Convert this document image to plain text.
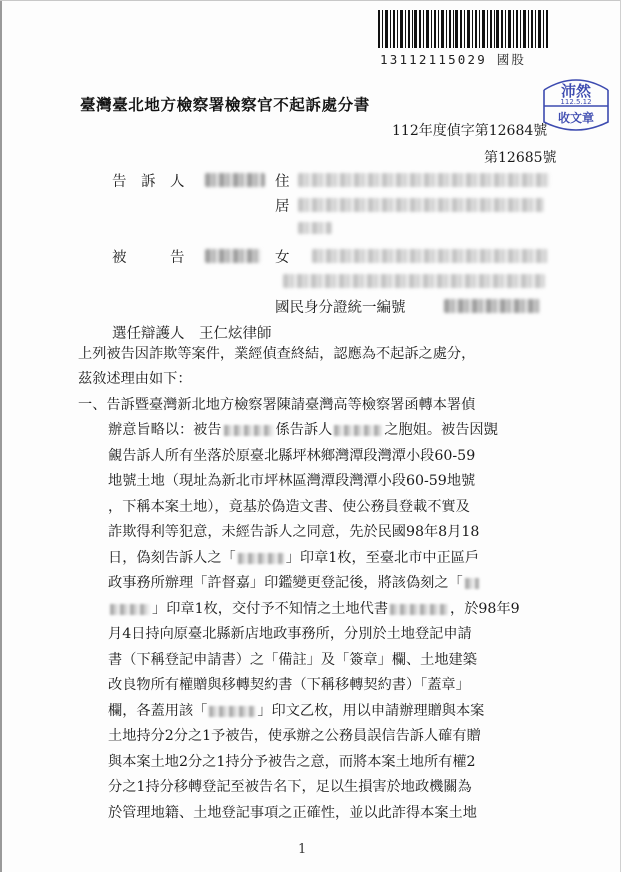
13112115029 國股
沛然
112.5.12
收文章
臺灣臺北地方檢察署檢察官不起訴處分書
112年度偵字第12684號
第12685號
告　訴　人	住
居
被　　　告	女
國民身分證統一編號
選任辯護人　王仁炫律師
上列被告因詐欺等案件，業經偵查終結，認應為不起訴之處分，
茲敘述理由如下：
一、告訴暨臺灣新北地方檢察署陳請臺灣高等檢察署函轉本署偵
辦意旨略以：被告	係告訴人	之胞姐。被告因覬
覦告訴人所有坐落於原臺北縣坪林鄉灣潭段灣潭小段60-59
地號土地（現址為新北市坪林區灣潭段灣潭小段60-59地號
，下稱本案土地），竟基於偽造文書、使公務員登載不實及
詐欺得利等犯意，未經告訴人之同意，先於民國98年8月18
日，偽刻告訴人之「	」印章1枚，至臺北市中正區戶
政事務所辦理「許督嘉」印鑑變更登記後，將該偽刻之「
」印章1枚，交付予不知情之土地代書	，於98年9
月4日持向原臺北縣新店地政事務所，分別於土地登記申請
書（下稱登記申請書）之「備註」及「簽章」欄、土地建築
改良物所有權贈與移轉契約書（下稱移轉契約書）「蓋章」
欄，各蓋用該「	」印文乙枚，用以申請辦理贈與本案
土地持分2分之1予被告，使承辦之公務員誤信告訴人確有贈
與本案土地2分之1持分予被告之意，而將本案土地所有權2
分之1持分移轉登記至被告名下，足以生損害於地政機關為
於管理地籍、土地登記事項之正確性，並以此詐得本案土地
1
